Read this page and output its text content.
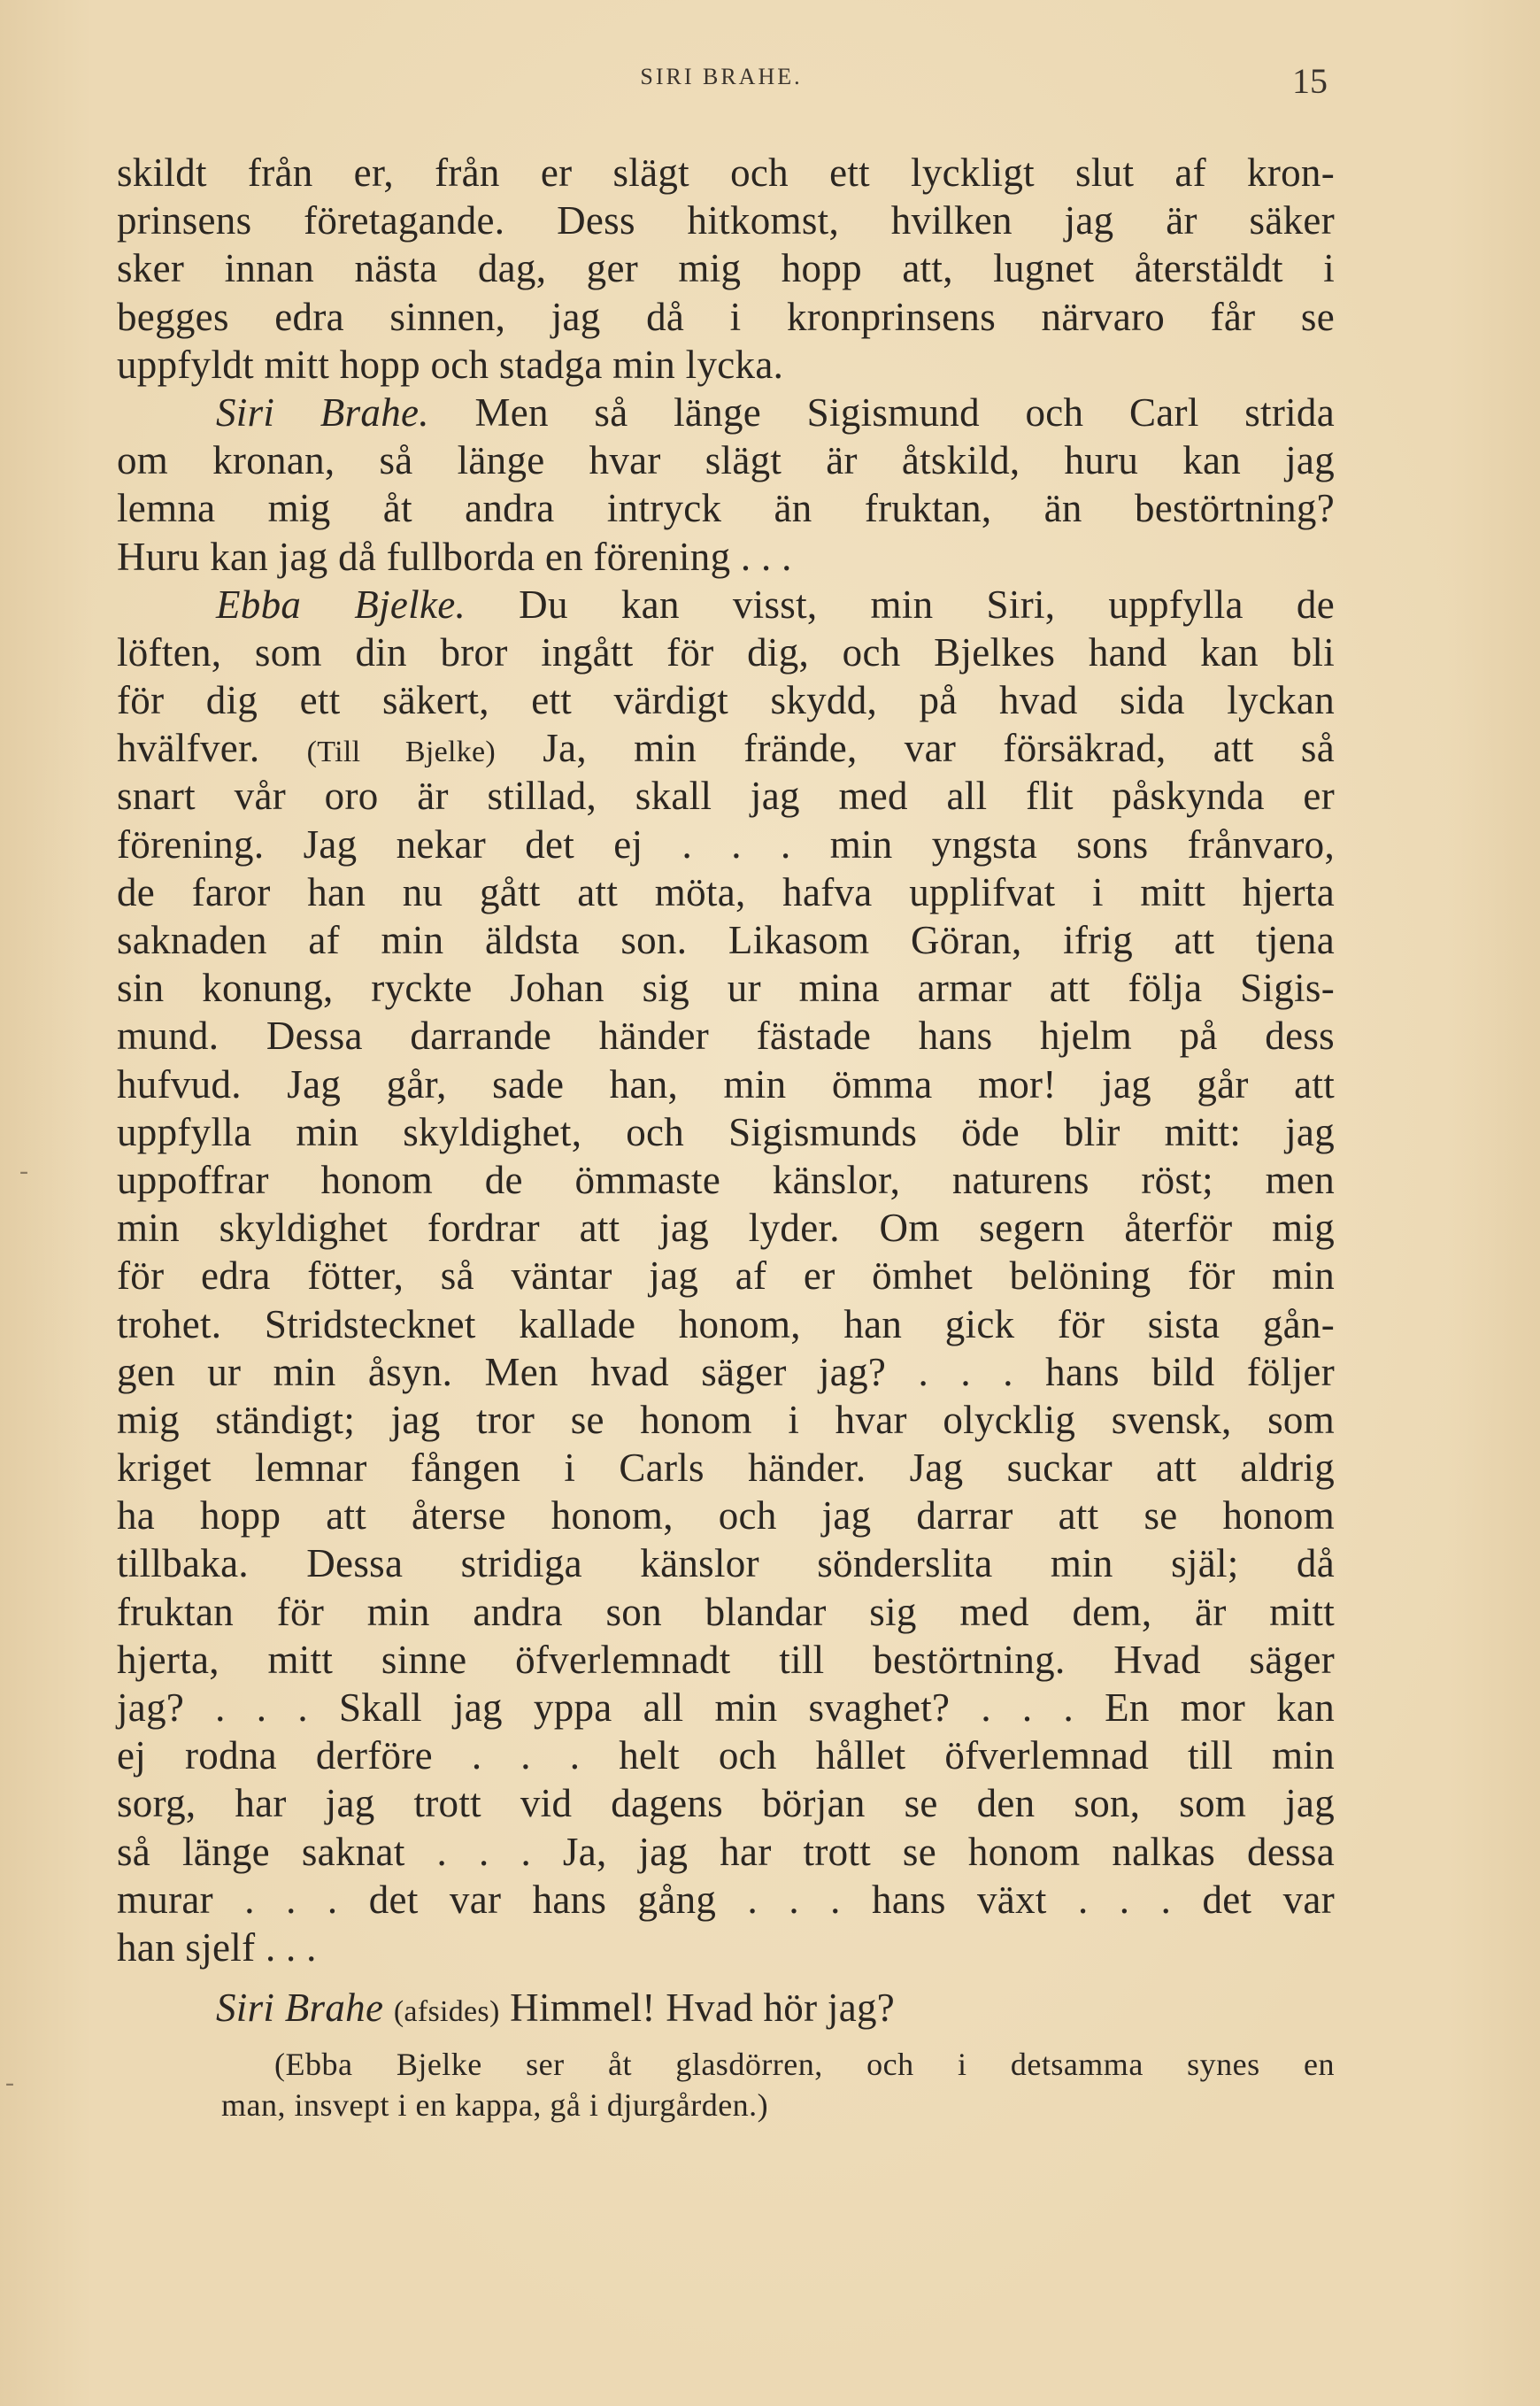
SIRI BRAHE.	15
skildt från er, från er slägt och ett lyckligt slut af kron-
prinsens företagande. Dess hitkomst, hvilken jag är säker
sker innan nästa dag, ger mig hopp att, lugnet återstäldt i
begges edra sinnen, jag då i kronprinsens närvaro får se
uppfyldt mitt hopp och stadga min lycka.
Siri Brahe. Men så länge Sigismund och Carl strida
om kronan, så länge hvar slägt är åtskild, huru kan jag
lemna mig åt andra intryck än fruktan, än bestörtning?
Huru kan jag då fullborda en förening . . .
Ebba Bjelke. Du kan visst, min Siri, uppfylla de
löften, som din bror ingått för dig, och Bjelkes hand kan bli
för dig ett säkert, ett värdigt skydd, på hvad sida lyckan
hvälfver. (Till Bjelke) Ja, min frände, var försäkrad, att så
snart vår oro är stillad, skall jag med all flit påskynda er
förening. Jag nekar det ej . . . min yngsta sons frånvaro,
de faror han nu gått att möta, hafva upplifvat i mitt hjerta
saknaden af min äldsta son. Likasom Göran, ifrig att tjena
sin konung, ryckte Johan sig ur mina armar att följa Sigis-
mund. Dessa darrande händer fästade hans hjelm på dess
hufvud. Jag går, sade han, min ömma mor! jag går att
uppfylla min skyldighet, och Sigismunds öde blir mitt: jag
uppoffrar honom de ömmaste känslor, naturens röst; men
min skyldighet fordrar att jag lyder. Om segern återför mig
för edra fötter, så väntar jag af er ömhet belöning för min
trohet. Stridstecknet kallade honom, han gick för sista gån-
gen ur min åsyn. Men hvad säger jag? . . . hans bild följer
mig ständigt; jag tror se honom i hvar olycklig svensk, som
kriget lemnar fången i Carls händer. Jag suckar att aldrig
ha hopp att återse honom, och jag darrar att se honom
tillbaka. Dessa stridiga känslor sönderslita min själ; då
fruktan för min andra son blandar sig med dem, är mitt
hjerta, mitt sinne öfverlemnadt till bestörtning. Hvad säger
jag? . . . Skall jag yppa all min svaghet? . . . En mor kan
ej rodna derföre . . . helt och hållet öfverlemnad till min
sorg, har jag trott vid dagens början se den son, som jag
så länge saknat . . . Ja, jag har trott se honom nalkas dessa
murar . . . det var hans gång . . . hans växt . . . det var
han sjelf . . .
Siri Brahe (afsides) Himmel! Hvad hör jag?
(Ebba Bjelke ser åt glasdörren, och i detsamma synes en
man, insvept i en kappa, gå i djurgården.)
-
-
